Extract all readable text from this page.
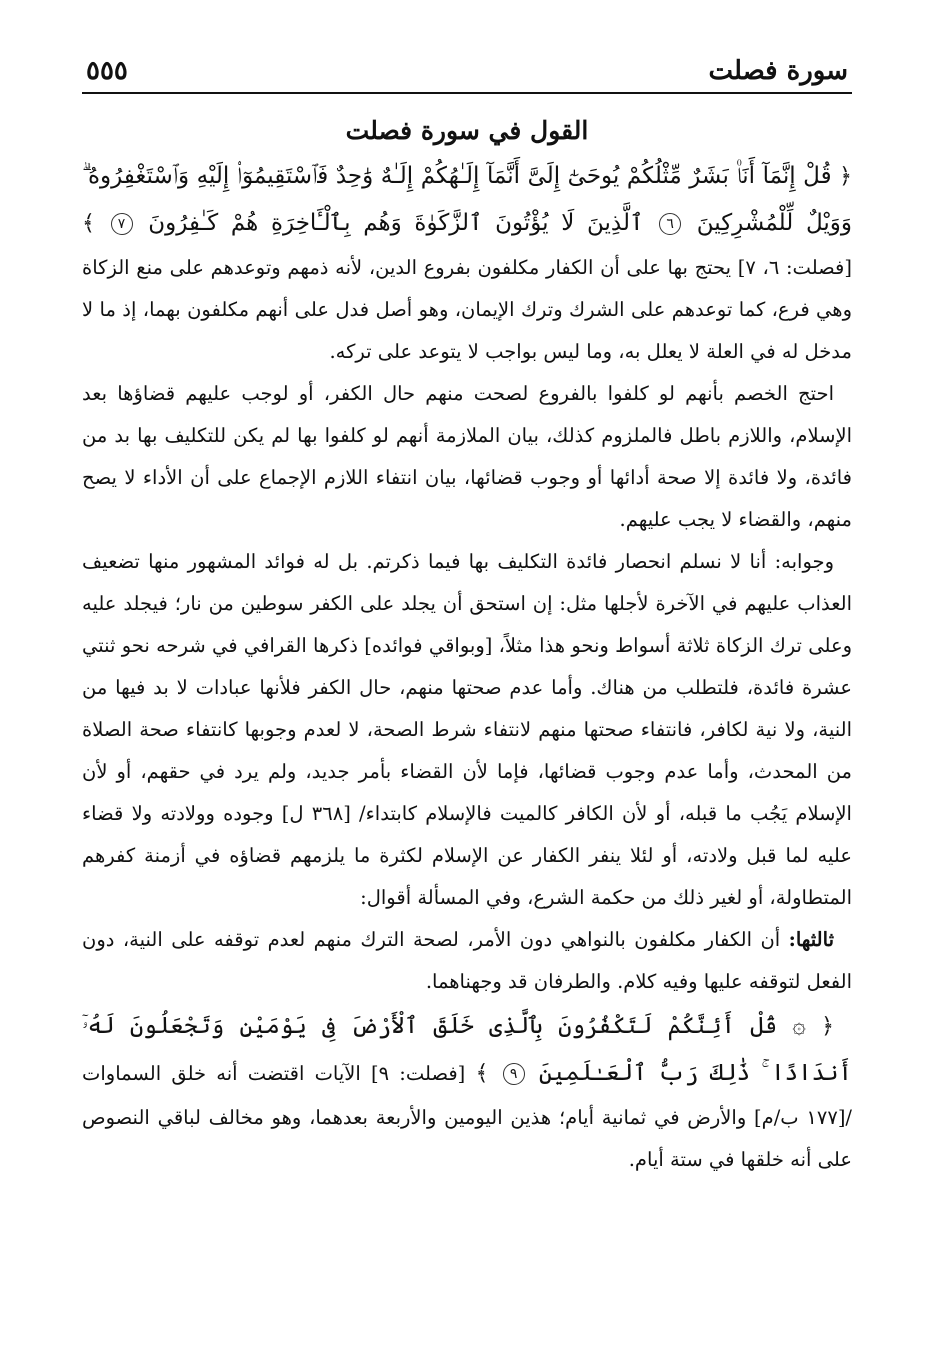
سورة فصلت
٥٥٥
القول في سورة فصلت

﴿ قُلْ إِنَّمَآ أَنَا۠ بَشَرٌ مِّثْلُكُمْ يُوحَىٰٓ إِلَىَّ أَنَّمَآ إِلَـٰهُكُمْ إِلَـٰهٌ وَٰحِدٌ فَٱسْتَقِيمُوٓا۟ إِلَيْهِ وَٱسْتَغْفِرُوهُ ۗ وَوَيْلٌ لِّلْمُشْرِكِينَ ٦ ٱلَّذِينَ لَا يُؤْتُونَ ٱلزَّكَوٰةَ وَهُم بِٱلْـَٔاخِرَةِ هُمْ كَـٰفِرُونَ ٧ ﴾ [فصلت: ٦، ٧] يحتج بها على أن الكفار مكلفون بفروع الدين، لأنه ذمهم وتوعدهم على منع الزكاة وهي فرع، كما توعدهم على الشرك وترك الإيمان، وهو أصل فدل على أنهم مكلفون بهما، إذ ما لا مدخل له في العلة لا يعلل به، وما ليس بواجب لا يتوعد على تركه.

احتج الخصم بأنهم لو كلفوا بالفروع لصحت منهم حال الكفر، أو لوجب عليهم قضاؤها بعد الإسلام، واللازم باطل فالملزوم كذلك، بيان الملازمة أنهم لو كلفوا بها لم يكن للتكليف بها بد من فائدة، ولا فائدة إلا صحة أدائها أو وجوب قضائها، بيان انتفاء اللازم الإجماع على أن الأداء لا يصح منهم، والقضاء لا يجب عليهم.

وجوابه: أنا لا نسلم انحصار فائدة التكليف بها فيما ذكرتم. بل له فوائد المشهور منها تضعيف العذاب عليهم في الآخرة لأجلها مثل: إن استحق أن يجلد على الكفر سوطين من نار؛ فيجلد عليه وعلى ترك الزكاة ثلاثة أسواط ونحو هذا مثلاً، [وبواقي فوائده] ذكرها القرافي في شرحه نحو ثنتي عشرة فائدة، فلتطلب من هناك. وأما عدم صحتها منهم، حال الكفر فلأنها عبادات لا بد فيها من النية، ولا نية لكافر، فانتفاء صحتها منهم لانتفاء شرط الصحة، لا لعدم وجوبها كانتفاء صحة الصلاة من المحدث، وأما عدم وجوب قضائها، فإما لأن القضاء بأمر جديد، ولم يرد في حقهم، أو لأن الإسلام يَجُب ما قبله، أو لأن الكافر كالميت فالإسلام كابتداء/ [٣٦٨ ل] وجوده وولادته ولا قضاء عليه لما قبل ولادته، أو لئلا ينفر الكفار عن الإسلام لكثرة ما يلزمهم قضاؤه في أزمنة كفرهم المتطاولة، أو لغير ذلك من حكمة الشرع، وفي المسألة أقوال:

ثالثها: أن الكفار مكلفون بالنواهي دون الأمر، لصحة الترك منهم لعدم توقفه على النية، دون الفعل لتوقفه عليها وفيه كلام. والطرفان قد وجهناهما.

﴿ ۞ قُلْ أَئِنَّكُمْ لَتَكْفُرُونَ بِٱلَّذِى خَلَقَ ٱلْأَرْضَ فِى يَوْمَيْنِ وَتَجْعَلُونَ لَهُۥٓ أَندَادًا ۚ ذَٰلِكَ رَبُّ ٱلْعَـٰلَمِينَ ٩ ﴾ [فصلت: ٩] الآيات اقتضت أنه خلق السماوات /[١٧٧ ب/م] والأرض في ثمانية أيام؛ هذين اليومين والأربعة بعدهما، وهو مخالف لباقي النصوص على أنه خلقها في ستة أيام.
